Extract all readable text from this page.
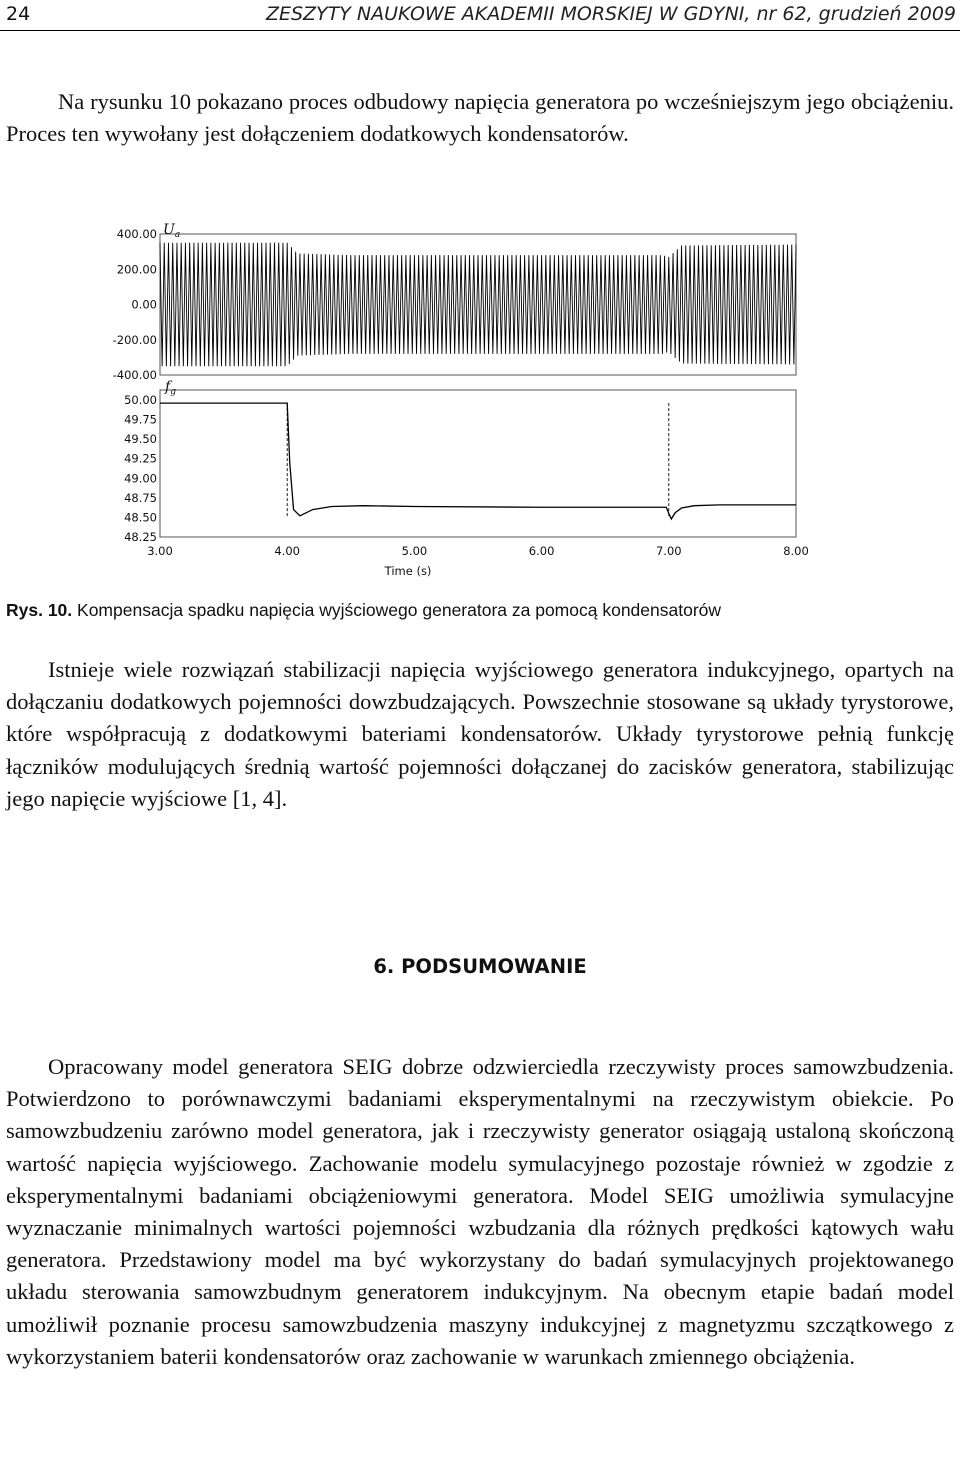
24	ZESZYTY NAUKOWE AKADEMII MORSKIEJ W GDYNI, nr 62, grudzień 2009

Na rysunku 10 pokazano proces odbudowy napięcia generatora po wcześniejszym jego obciążeniu. Proces ten wywołany jest dołączeniem dodatkowych kondensatorów.

$U_a$
400.00
200.00
0.00
-200.00
-400.00
$f_g$
50.00
49.75
49.50
49.25
49.00
48.75
48.50
48.25
3.00	4.00	5.00	6.00	7.00	8.00
Time (s)
Rys. 10. Kompensacja spadku napięcia wyjściowego generatora za pomocą kondensatorów

Istnieje wiele rozwiązań stabilizacji napięcia wyjściowego generatora indukcyjnego, opartych na dołączaniu dodatkowych pojemności dowzbudzających. Powszechnie stosowane są układy tyrystorowe, które współpracują z dodatkowymi bateriami kondensatorów. Układy tyrystorowe pełnią funkcję łączników modulujących średnią wartość pojemności dołączanej do zacisków generatora, stabilizując jego napięcie wyjściowe [1, 4].

6. PODSUMOWANIE

Opracowany model generatora SEIG dobrze odzwierciedla rzeczywisty proces samowzbudzenia. Potwierdzono to porównawczymi badaniami eksperymentalnymi na rzeczywistym obiekcie. Po samowzbudzeniu zarówno model generatora, jak i rzeczywisty generator osiągają ustaloną skończoną wartość napięcia wyjściowego. Zachowanie modelu symulacyjnego pozostaje również w zgodzie z eksperymentalnymi badaniami obciążeniowymi generatora. Model SEIG umożliwia symulacyjne wyznaczanie minimalnych wartości pojemności wzbudzania dla różnych prędkości kątowych wału generatora. Przedstawiony model ma być wykorzystany do badań symulacyjnych projektowanego układu sterowania samowzbudnym generatorem indukcyjnym. Na obecnym etapie badań model umożliwił poznanie procesu samowzbudzenia maszyny indukcyjnej z magnetyzmu szczątkowego z wykorzystaniem baterii kondensatorów oraz zachowanie w warunkach zmiennego obciążenia.
